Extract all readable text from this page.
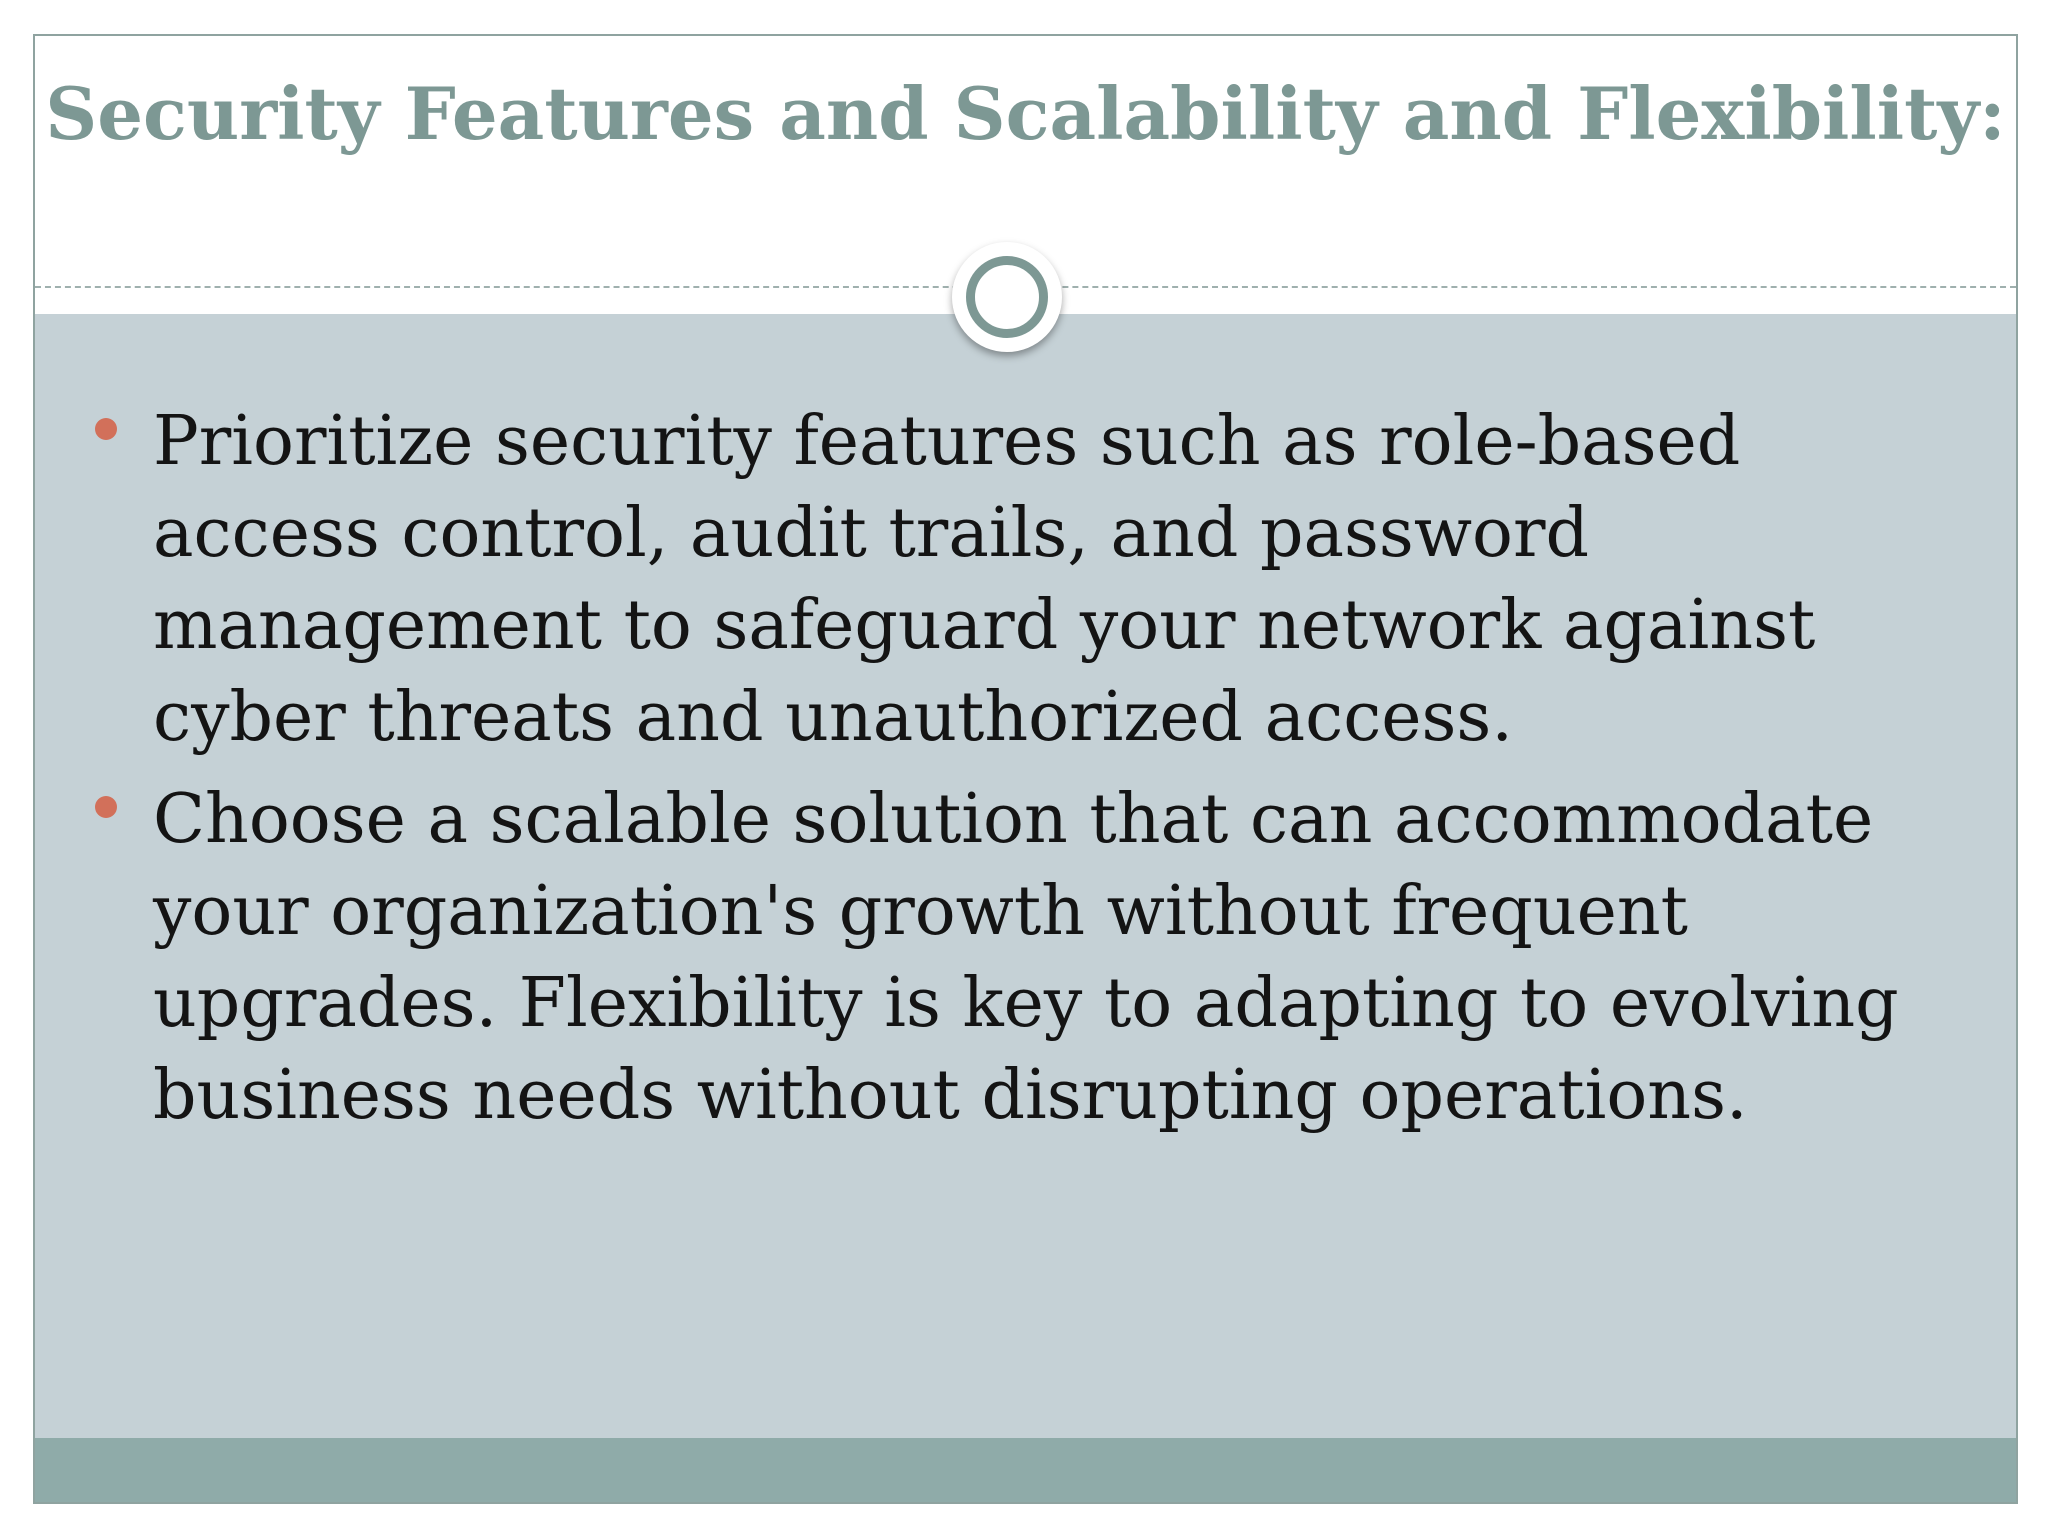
Security Features and Scalability and Flexibility:
Prioritize security features such as role-based access control, audit trails, and password management to safeguard your network against cyber threats and unauthorized access.
Choose a scalable solution that can accommodate your organization's growth without frequent upgrades. Flexibility is key to adapting to evolving business needs without disrupting operations.
